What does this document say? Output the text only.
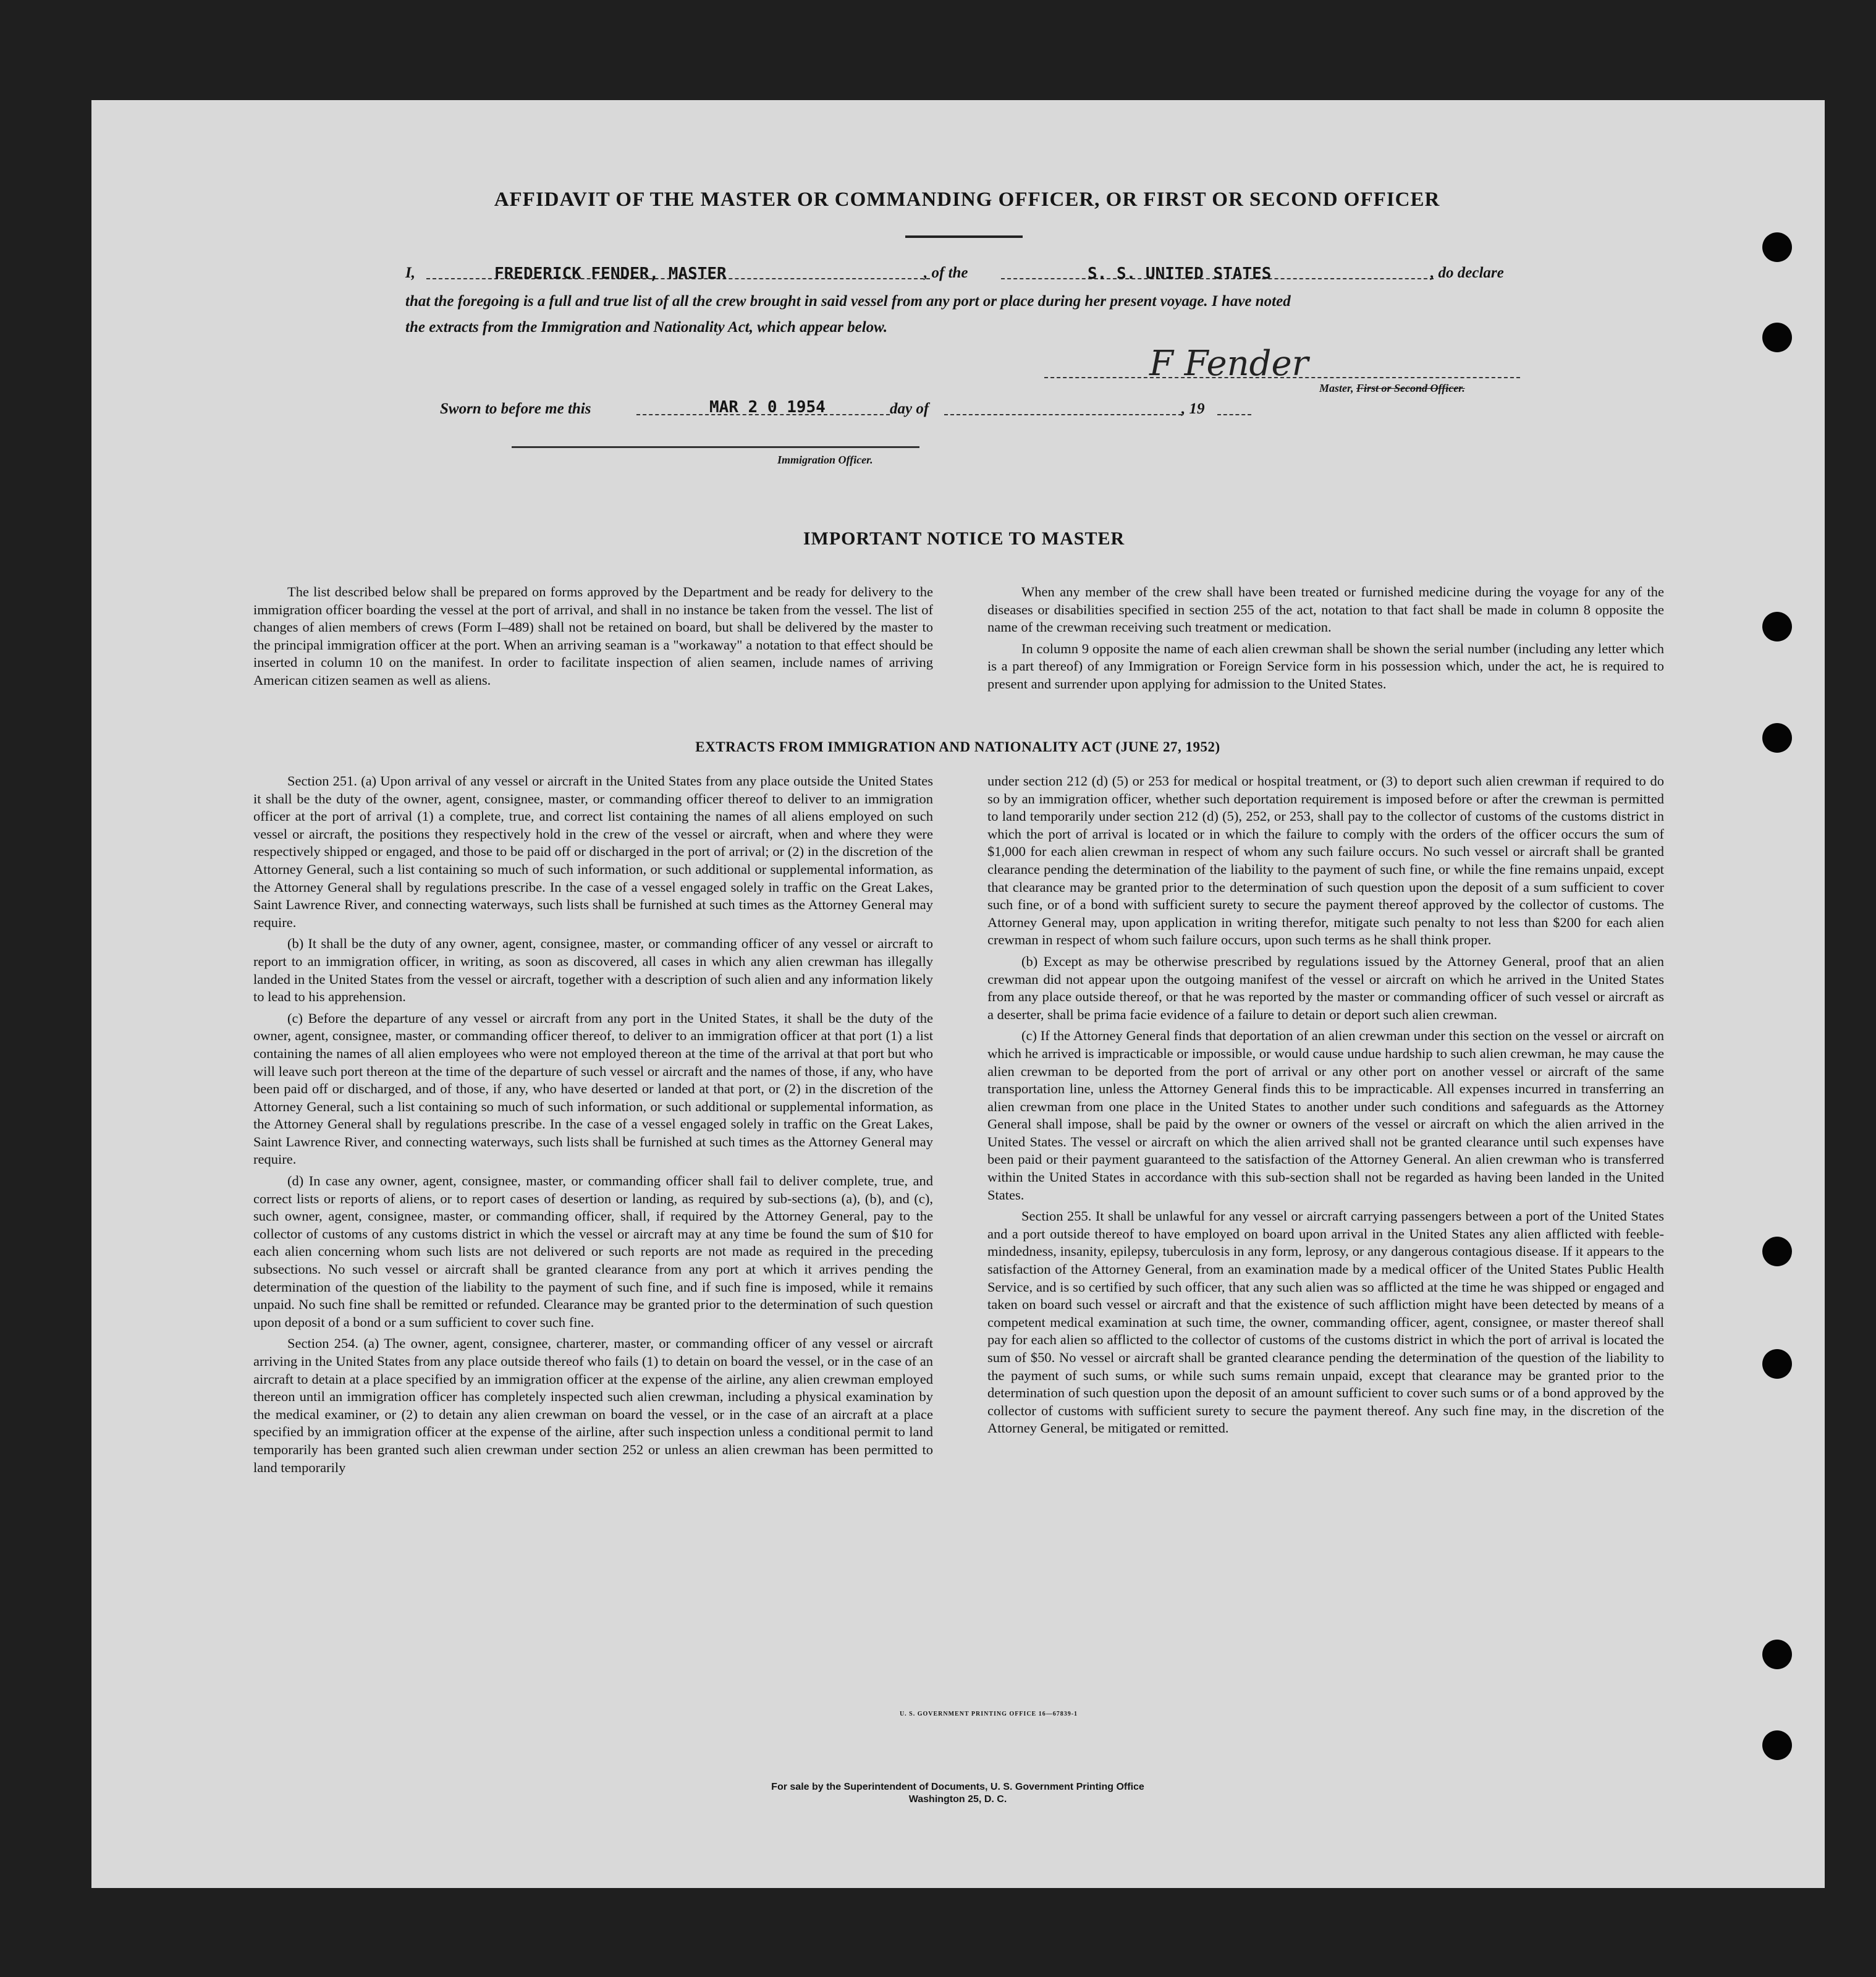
AFFIDAVIT OF THE MASTER OR COMMANDING OFFICER, OR FIRST OR SECOND OFFICER
I,	FREDERICK FENDER, MASTER	, of the	S. S. UNITED STATES	, do declare
that the foregoing is a full and true list of all the crew brought in said vessel from any port or place during her present voyage. I have noted
the extracts from the Immigration and Nationality Act, which appear below.
F Fender
Master, First or Second Officer.
Sworn to before me this	MAR 2 0 1954	day of	, 19
Immigration Officer.
IMPORTANT NOTICE TO MASTER

The list described below shall be prepared on forms approved by the Department and be ready for delivery to the immigration officer boarding the vessel at the port of arrival, and shall in no instance be taken from the vessel. The list of changes of alien members of crews (Form I–489) shall not be retained on board, but shall be delivered by the master to the principal immigration officer at the port. When an arriving seaman is a "workaway" a notation to that effect should be inserted in column 10 on the manifest. In order to facilitate inspection of alien seamen, include names of arriving American citizen seamen as well as aliens.

When any member of the crew shall have been treated or furnished medicine during the voyage for any of the diseases or disabilities specified in section 255 of the act, notation to that fact shall be made in column 8 opposite the name of the crewman receiving such treatment or medication.

In column 9 opposite the name of each alien crewman shall be shown the serial number (including any letter which is a part thereof) of any Immigration or Foreign Service form in his possession which, under the act, he is required to present and surrender upon applying for admission to the United States.

EXTRACTS FROM IMMIGRATION AND NATIONALITY ACT (JUNE 27, 1952)

Section 251. (a) Upon arrival of any vessel or aircraft in the United States from any place outside the United States it shall be the duty of the owner, agent, consignee, master, or commanding officer thereof to deliver to an immigration officer at the port of arrival (1) a complete, true, and correct list containing the names of all aliens employed on such vessel or aircraft, the positions they respectively hold in the crew of the vessel or aircraft, when and where they were respectively shipped or engaged, and those to be paid off or discharged in the port of arrival; or (2) in the discretion of the Attorney General, such a list containing so much of such information, or such additional or supplemental information, as the Attorney General shall by regulations prescribe. In the case of a vessel engaged solely in traffic on the Great Lakes, Saint Lawrence River, and connecting waterways, such lists shall be furnished at such times as the Attorney General may require.

(b) It shall be the duty of any owner, agent, consignee, master, or commanding officer of any vessel or aircraft to report to an immigration officer, in writing, as soon as discovered, all cases in which any alien crewman has illegally landed in the United States from the vessel or aircraft, together with a description of such alien and any information likely to lead to his apprehension.

(c) Before the departure of any vessel or aircraft from any port in the United States, it shall be the duty of the owner, agent, consignee, master, or commanding officer thereof, to deliver to an immigration officer at that port (1) a list containing the names of all alien employees who were not employed thereon at the time of the arrival at that port but who will leave such port thereon at the time of the departure of such vessel or aircraft and the names of those, if any, who have been paid off or discharged, and of those, if any, who have deserted or landed at that port, or (2) in the discretion of the Attorney General, such a list containing so much of such information, or such additional or supplemental information, as the Attorney General shall by regulations prescribe. In the case of a vessel engaged solely in traffic on the Great Lakes, Saint Lawrence River, and connecting waterways, such lists shall be furnished at such times as the Attorney General may require.

(d) In case any owner, agent, consignee, master, or commanding officer shall fail to deliver complete, true, and correct lists or reports of aliens, or to report cases of desertion or landing, as required by sub-sections (a), (b), and (c), such owner, agent, consignee, master, or commanding officer, shall, if required by the Attorney General, pay to the collector of customs of any customs district in which the vessel or aircraft may at any time be found the sum of $10 for each alien concerning whom such lists are not delivered or such reports are not made as required in the preceding subsections. No such vessel or aircraft shall be granted clearance from any port at which it arrives pending the determination of the question of the liability to the payment of such fine, and if such fine is imposed, while it remains unpaid. No such fine shall be remitted or refunded. Clearance may be granted prior to the determination of such question upon deposit of a bond or a sum sufficient to cover such fine.

Section 254. (a) The owner, agent, consignee, charterer, master, or commanding officer of any vessel or aircraft arriving in the United States from any place outside thereof who fails (1) to detain on board the vessel, or in the case of an aircraft to detain at a place specified by an immigration officer at the expense of the airline, any alien crewman employed thereon until an immigration officer has completely inspected such alien crewman, including a physical examination by the medical examiner, or (2) to detain any alien crewman on board the vessel, or in the case of an aircraft at a place specified by an immigration officer at the expense of the airline, after such inspection unless a conditional permit to land temporarily has been granted such alien crewman under section 252 or unless an alien crewman has been permitted to land temporarily

under section 212 (d) (5) or 253 for medical or hospital treatment, or (3) to deport such alien crewman if required to do so by an immigration officer, whether such deportation requirement is imposed before or after the crewman is permitted to land temporarily under section 212 (d) (5), 252, or 253, shall pay to the collector of customs of the customs district in which the port of arrival is located or in which the failure to comply with the orders of the officer occurs the sum of $1,000 for each alien crewman in respect of whom any such failure occurs. No such vessel or aircraft shall be granted clearance pending the determination of the liability to the payment of such fine, or while the fine remains unpaid, except that clearance may be granted prior to the determination of such question upon the deposit of a sum sufficient to cover such fine, or of a bond with sufficient surety to secure the payment thereof approved by the collector of customs. The Attorney General may, upon application in writing therefor, mitigate such penalty to not less than $200 for each alien crewman in respect of whom such failure occurs, upon such terms as he shall think proper.

(b) Except as may be otherwise prescribed by regulations issued by the Attorney General, proof that an alien crewman did not appear upon the outgoing manifest of the vessel or aircraft on which he arrived in the United States from any place outside thereof, or that he was reported by the master or commanding officer of such vessel or aircraft as a deserter, shall be prima facie evidence of a failure to detain or deport such alien crewman.

(c) If the Attorney General finds that deportation of an alien crewman under this section on the vessel or aircraft on which he arrived is impracticable or impossible, or would cause undue hardship to such alien crewman, he may cause the alien crewman to be deported from the port of arrival or any other port on another vessel or aircraft of the same transportation line, unless the Attorney General finds this to be impracticable. All expenses incurred in transferring an alien crewman from one place in the United States to another under such conditions and safeguards as the Attorney General shall impose, shall be paid by the owner or owners of the vessel or aircraft on which the alien arrived in the United States. The vessel or aircraft on which the alien arrived shall not be granted clearance until such expenses have been paid or their payment guaranteed to the satisfaction of the Attorney General. An alien crewman who is transferred within the United States in accordance with this sub-section shall not be regarded as having been landed in the United States.

Section 255. It shall be unlawful for any vessel or aircraft carrying passengers between a port of the United States and a port outside thereof to have employed on board upon arrival in the United States any alien afflicted with feeble-mindedness, insanity, epilepsy, tuberculosis in any form, leprosy, or any dangerous contagious disease. If it appears to the satisfaction of the Attorney General, from an examination made by a medical officer of the United States Public Health Service, and is so certified by such officer, that any such alien was so afflicted at the time he was shipped or engaged and taken on board such vessel or aircraft and that the existence of such affliction might have been detected by means of a competent medical examination at such time, the owner, commanding officer, agent, consignee, or master thereof shall pay for each alien so afflicted to the collector of customs of the customs district in which the port of arrival is located the sum of $50. No vessel or aircraft shall be granted clearance pending the determination of the question of the liability to the payment of such sums, or while such sums remain unpaid, except that clearance may be granted prior to the determination of such question upon the deposit of an amount sufficient to cover such sums or of a bond approved by the collector of customs with sufficient surety to secure the payment thereof. Any such fine may, in the discretion of the Attorney General, be mitigated or remitted.

U. S. GOVERNMENT PRINTING OFFICE 16—67839-1
For sale by the Superintendent of Documents, U. S. Government Printing Office
Washington 25, D. C.
